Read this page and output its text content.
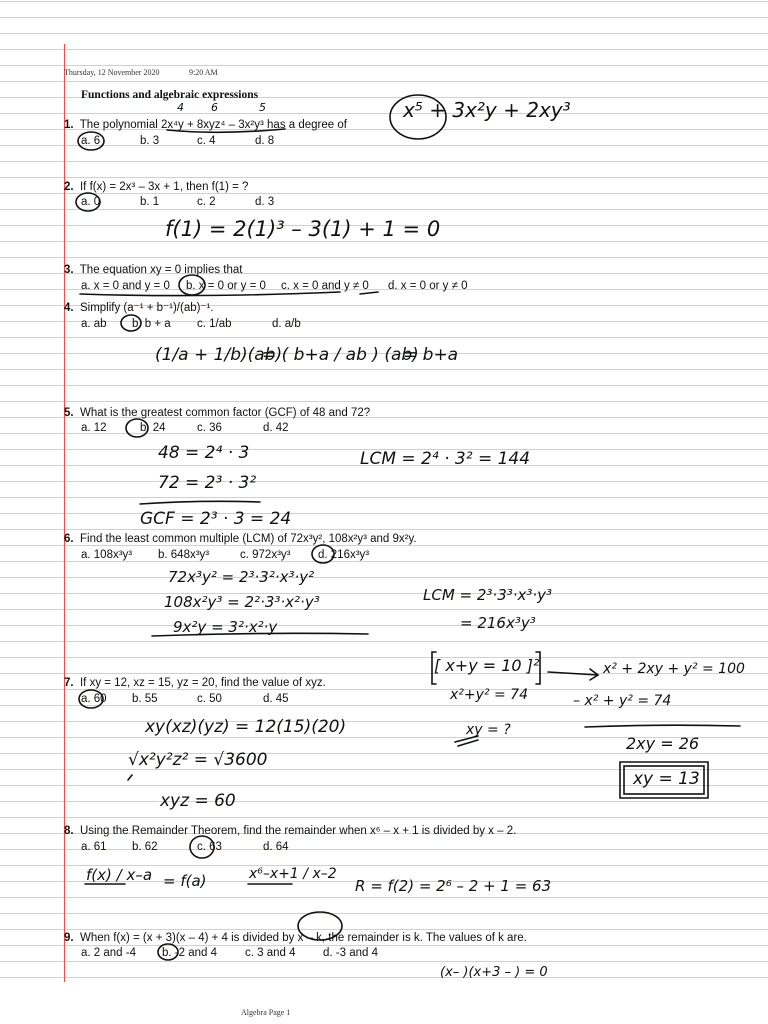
Thursday, 12 November 2020	9:20 AM
Functions and algebraic expressions
1. The polynomial 2x⁴y + 8xyz⁴ – 3x²y³ has a degree of
a. 6	b. 3	c. 4	d. 8
4 6	5	x⁵ + 3x²y + 2xy³
2. If f(x) = 2x³ – 3x + 1, then f(1) = ?
a. 0	b. 1	c. 2	d. 3
f(1) = 2(1)³ – 3(1) + 1 = 0
3. The equation xy = 0 implies that
a. x = 0 and y = 0 b. x = 0 or y = 0 c. x = 0 and y ≠ 0 d. x = 0 or y ≠ 0
4. Simplify (a⁻¹ + b⁻¹)/(ab)⁻¹.
a. ab b. b + a c. 1/ab	d. a/b
(1/a + 1/b)(ab)
= ( b+a / ab ) (ab)
= b+a
5. What is the greatest common factor (GCF) of 48 and 72?
a. 12	b. 24	c. 36	d. 42
48 = 2⁴ · 3	LCM = 2⁴ · 3² = 144
72 = 2³ · 3²
GCF = 2³ · 3 = 24
6. Find the least common multiple (LCM) of 72x³y², 108x²y³ and 9x²y.
a. 108x³y³ b. 648x³y³	c. 972x³y³ d. 216x³y³
72x³y² = 2³·3²·x³·y²
108x²y³ = 2²·3³·x²·y³
9x²y = 3²·x²·y
LCM = 2³·3³·x³·y³
= 216x³y³
7. If xy = 12, xz = 15, yz = 20, find the value of xyz.
a. 60 b. 55	c. 50	d. 45
[ x+y = 10 ]²
x²+y² = 74
xy = ?
x² + 2xy + y² = 100
– x² + y² = 74
2xy = 26
xy = 13
xy(xz)(yz) = 12(15)(20)
√x²y²z² = √3600
xyz = 60
8. Using the Remainder Theorem, find the remainder when x⁶ – x + 1 is divided by x – 2.
a. 61 b. 62	c. 63	d. 64
f(x) / x–a = f(a)	x⁶–x+1 / x–2
R = f(2) = 2⁶ – 2 + 1 = 63
9. When f(x) = (x + 3)(x – 4) + 4 is divided by x – k, the remainder is k. The values of k are.
a. 2 and -4 b. -2 and 4 c. 3 and 4 d. -3 and 4
(x– )(x+3 – ) = 0
Algebra Page 1
